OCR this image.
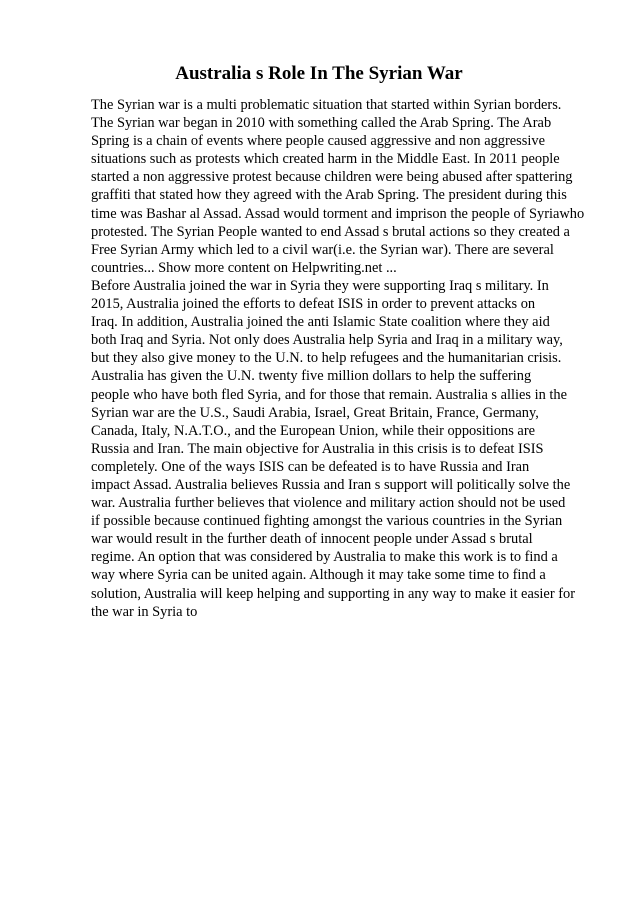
Australia s Role In The Syrian War
The Syrian war is a multi problematic situation that started within Syrian borders.
The Syrian war began in 2010 with something called the Arab Spring. The Arab
Spring is a chain of events where people caused aggressive and non aggressive
situations such as protests which created harm in the Middle East. In 2011 people
started a non aggressive protest because children were being abused after spattering
graffiti that stated how they agreed with the Arab Spring. The president during this
time was Bashar al Assad. Assad would torment and imprison the people of Syriawho
protested. The Syrian People wanted to end Assad s brutal actions so they created a
Free Syrian Army which led to a civil war(i.e. the Syrian war). There are several
countries... Show more content on Helpwriting.net ...
Before Australia joined the war in Syria they were supporting Iraq s military. In
2015, Australia joined the efforts to defeat ISIS in order to prevent attacks on
Iraq. In addition, Australia joined the anti Islamic State coalition where they aid
both Iraq and Syria. Not only does Australia help Syria and Iraq in a military way,
but they also give money to the U.N. to help refugees and the humanitarian crisis.
Australia has given the U.N. twenty five million dollars to help the suffering
people who have both fled Syria, and for those that remain. Australia s allies in the
Syrian war are the U.S., Saudi Arabia, Israel, Great Britain, France, Germany,
Canada, Italy, N.A.T.O., and the European Union, while their oppositions are
Russia and Iran. The main objective for Australia in this crisis is to defeat ISIS
completely. One of the ways ISIS can be defeated is to have Russia and Iran
impact Assad. Australia believes Russia and Iran s support will politically solve the
war. Australia further believes that violence and military action should not be used
if possible because continued fighting amongst the various countries in the Syrian
war would result in the further death of innocent people under Assad s brutal
regime. An option that was considered by Australia to make this work is to find a
way where Syria can be united again. Although it may take some time to find a
solution, Australia will keep helping and supporting in any way to make it easier for
the war in Syria to
